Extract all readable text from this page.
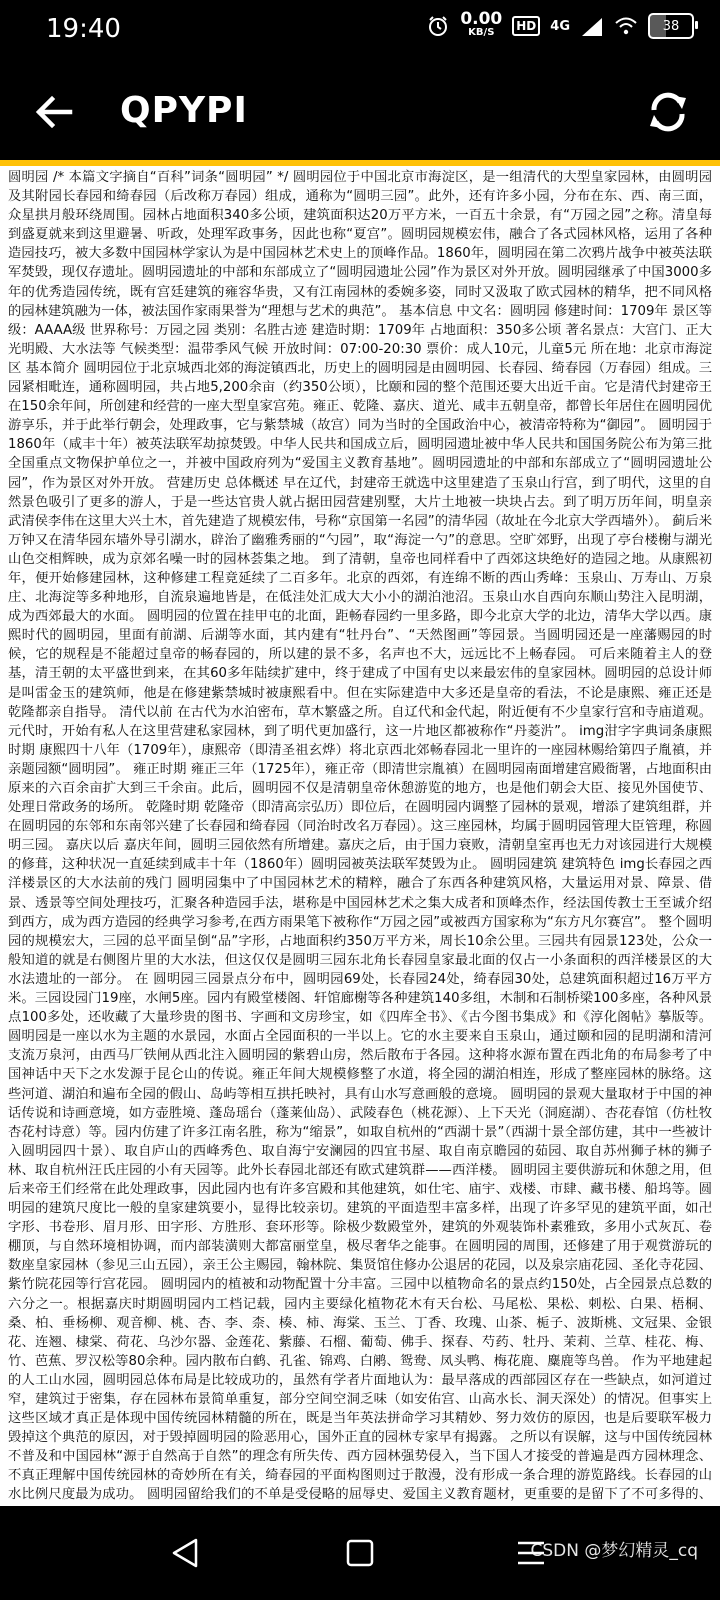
19:40	0.00
KB/S	HD	4G	38
QPYPI

圆明园 /* 本篇文字摘自“百科”词条“圆明园” */ 圆明园位于中国北京市海淀区，是一组清代的大型皇家园林，由圆明园及其附园长春园和绮春园（后改称万春园）组成，通称为“圆明三园”。此外，还有许多小园，分布在东、西、南三面，众星拱月般环绕周围。园林占地面积340多公顷，建筑面积达20万平方米，一百五十余景，有“万园之园”之称。清皇每到盛夏就来到这里避暑、听政，处理军政事务，因此也称“夏宫”。圆明园规模宏伟，融合了各式园林风格，运用了各种造园技巧，被大多数中国园林学家认为是中国园林艺术史上的顶峰作品。1860年，圆明园在第二次鸦片战争中被英法联军焚毁，现仅存遗址。圆明园遗址的中部和东部成立了“圆明园遗址公园”作为景区对外开放。圆明园继承了中国3000多年的优秀造园传统，既有宫廷建筑的雍容华贵，又有江南园林的委婉多姿，同时又汲取了欧式园林的精华，把不同风格的园林建筑融为一体，被法国作家雨果誉为“理想与艺术的典范”。 基本信息 中文名：圆明园 修建时间：1709年 景区等级：AAAA级 世界称号：万园之园 类别：名胜古迹 建造时期：1709年 占地面积：350多公顷 著名景点：大宫门、正大光明殿、大水法等 气候类型：温带季风气候 开放时间：07:00-20:30 票价：成人10元，儿童5元 所在地：北京市海淀区 基本简介 圆明园位于北京城西北郊的海淀镇西北，历史上的圆明园是由圆明园、长春园、绮春园（万春园）组成。三园紧相毗连，通称圆明园，共占地5,200余亩（约350公顷），比颐和园的整个范围还要大出近千亩。它是清代封建帝王在150余年间，所创建和经营的一座大型皇家宫苑。雍正、乾隆、嘉庆、道光、咸丰五朝皇帝，都曾长年居住在圆明园优游享乐，并于此举行朝会，处理政事，它与紫禁城（故宫）同为当时的全国政治中心，被清帝特称为“御园”。 圆明园于1860年（咸丰十年）被英法联军劫掠焚毁。中华人民共和国成立后，圆明园遗址被中华人民共和国国务院公布为第三批全国重点文物保护单位之一，并被中国政府列为“爱国主义教育基地”。圆明园遗址的中部和东部成立了“圆明园遗址公园”，作为景区对外开放。 营建历史 总体概述 早在辽代，封建帝王就选中这里建造了玉泉山行宫，到了明代，这里的自然景色吸引了更多的游人，于是一些达官贵人就占据田园营建别墅，大片土地被一块块占去。到了明万历年间，明皇亲武清侯李伟在这里大兴土木，首先建造了规模宏伟，号称“京国第一名园”的清华园（故址在今北京大学西墙外）。 蓟后米万钟又在清华园东墙外导引湖水，辟治了幽雅秀丽的“勺园”，取“海淀一勺”的意思。空旷郊野，出现了亭台楼榭与湖光山色交相辉映，成为京郊名噪一时的园林荟集之地。 到了清朝，皇帝也同样看中了西郊这块绝好的造园之地。从康熙初年，便开始修建园林，这种修建工程竟延续了二百多年。北京的西郊，有连绵不断的西山秀峰：玉泉山、万寿山、万泉庄、北海淀等多种地形，自流泉遍地皆是，在低洼处汇成大大小小的湖泊池沼。玉泉山水自西向东顺山势注入昆明湖，成为西郊最大的水面。 圆明园的位置在挂甲屯的北面，距畅春园约一里多路，即今北京大学的北边，清华大学以西。康熙时代的圆明园，里面有前湖、后湖等水面，其内建有“牡丹台”、“天然图画”等园景。当圆明园还是一座藩赐园的时候，它的规程是不能超过皇帝的畅春园的，所以建的景不多，名声也不大，远远比不上畅春园。 可后来随着主人的登基，清王朝的太平盛世到来，在其60多年陆续扩建中，终于建成了中国有史以来最宏伟的皇家园林。圆明园的总设计师是叫雷金玉的建筑师，他是在修建紫禁城时被康熙看中。但在实际建造中大多还是皇帝的看法，不论是康熙、雍正还是乾隆都亲自指导。 清代以前 在古代为水泊密布，草木繁盛之所。自辽代和金代起，附近便有不少皇家行宫和寺庙道观。元代时，开始有私人在这里营建私家园林，到了明代更加盛行，这一片地区都被称作“丹菱沜”。 img泔字字典词条康熙时期 康熙四十八年（1709年），康熙帝（即清圣祖玄烨）将北京西北郊畅春园北一里许的一座园林赐给第四子胤禛，并亲题园额“圆明园”。 雍正时期 雍正三年（1725年），雍正帝（即清世宗胤禛）在圆明园南面增建宫殿衙署，占地面积由原来的六百余亩扩大到三千余亩。此后，圆明园不仅是清朝皇帝休憩游览的地方，也是他们朝会大臣、接见外国使节、处理日常政务的场所。 乾隆时期 乾隆帝（即清高宗弘历）即位后，在圆明园内调整了园林的景观，增添了建筑组群，并在圆明园的东邻和东南邻兴建了长春园和绮春园（同治时改名万春园）。这三座园林，均属于圆明园管理大臣管理，称圆明三园。 嘉庆以后 嘉庆年间，圆明三园依然有所增建。嘉庆之后，由于国力衰败，清朝皇室再也无力对该园进行大规模的修葺，这种状况一直延续到咸丰十年（1860年）圆明园被英法联军焚毁为止。 圆明园建筑 建筑特色 img长春园之西洋楼景区的大水法前的残门 圆明园集中了中国园林艺术的精粹，融合了东西各种建筑风格，大量运用对景、障景、借景、透景等空间处理技巧，汇聚各种造园手法，堪称是中国园林艺术之集大成者和顶峰杰作，经法国传教士王至诚介绍到西方，成为西方造园的经典学习参考,在西方雨果笔下被称作“万园之园”或被西方国家称为“东方凡尔赛宫”。 整个圆明园的规模宏大，三园的总平面呈倒“品”字形，占地面积约350万平方米，周长10余公里。三园共有园景123处，公众一般知道的就是右侧图片里的大水法，但这仅仅是圆明三园东北角长春园皇家最北面的仅占一小条面积的西洋楼景区的大水法遗址的一部分。 在 圆明园三园景点分布中，圆明园69处，长春园24处，绮春园30处，总建筑面积超过16万平方米。三园设园门19座，水闸5座。园内有殿堂楼阁、轩馆廊榭等各种建筑140多组，木制和石制桥梁100多座，各种风景点100多处，还收藏了大量珍贵的图书、字画和文房珍宝，如《四库全书》、《古今图书集成》和《淳化阁帖》摹版等。 圆明园是一座以水为主题的水景园，水面占全园面积的一半以上。它的水主要来自玉泉山，通过颐和园的昆明湖和清河支流万泉河，由西马厂铁闸从西北注入圆明园的紫碧山房，然后散布于各园。这种将水源布置在西北角的布局参考了中国神话中天下之水发源于昆仑山的传说。雍正年间大规模修整了水道，将全园的湖泊相连，形成了整座园林的脉络。这些河道、湖泊和遍布全园的假山、岛屿等相互拱托映衬，具有山水写意画般的意境。 圆明园的景观大量取材于中国的神话传说和诗画意境，如方壶胜境、蓬岛瑶台（蓬莱仙岛）、武陵春色（桃花源）、上下天光（洞庭湖）、杏花春馆（仿杜牧杏花村诗意）等。园内仿建了许多江南名胜，称为“缩景”，如取自杭州的“西湖十景”（西湖十景全部仿建，其中一些被计入圆明园四十景）、取自庐山的西峰秀色、取自海宁安澜园的四宜书屋、取自南京瞻园的茹园、取自苏州狮子林的狮子林、取自杭州汪氏庄园的小有天园等。此外长春园北部还有欧式建筑群——西洋楼。 圆明园主要供游玩和休憩之用，但后来帝王们经常在此处理政事，因此园内也有许多宫殿和其他建筑，如仕宅、庙宇、戏楼、市肆、藏书楼、船坞等。圆明园的建筑尺度比一般的皇家建筑要小，显得比较亲切。建筑的平面造型丰富多样，出现了许多罕见的建筑平面，如卍字形、书卷形、眉月形、田字形、方胜形、套环形等。除极少数殿堂外，建筑的外观装饰朴素雅致，多用小式灰瓦、卷棚顶，与自然环境相协调，而内部装潢则大都富丽堂皇，极尽奢华之能事。在圆明园的周围，还修建了用于观赏游玩的数座皇家园林（参见三山五园），亲王公主赐园，翰林院、集贤馆住修办公退居的花园，以及泉宗庙花园、圣化寺花园、紫竹院花园等行宫花园。 圆明园内的植被和动物配置十分丰富。三园中以植物命名的景点约150处，占全园景点总数的六分之一。根据嘉庆时期圆明园内工档记载，园内主要绿化植物花木有天台松、马尾松、果松、刺松、白果、梧桐、桑、柏、垂杨柳、观音柳、桃、杏、李、柰、楱、柿、海棠、玉兰、丁香、玫瑰、山茶、栀子、波斯桃、文冠果、金银花、连翘、棣棠、荷花、乌沙尔器、金莲花、紫藤、石榴、葡萄、佛手、探春、芍药、牡丹、茉莉、兰草、桂花、梅、竹、芭蕉、罗汉松等80余种。园内散布白鹤、孔雀、锦鸡、白鹇、鸳鸯、凤头鸭、梅花鹿、麋鹿等鸟兽。 作为平地建起的人工山水园，圆明园总体布局是比较成功的，虽然有学者片面地认为：最早落成的西部园区存在一些缺点，如河道过窄，建筑过于密集，存在园林布景简单重复，部分空间空洞乏味（如安佑宫、山高水长、洞天深处）的情况。但事实上这些区域才真正是体现中国传统园林精髓的所在，既是当年英法拼命学习其精妙、努力效仿的原因，也是后要联军极力毁掉这个典范的原因，对于毁掉圆明园的险恶用心，国外正直的园林专家早有揭露。 之所以有误解，这与中国传统园林不普及和中国园林“源于自然高于自然”的理念有所失传、西方园林强势侵入，当下国人才接受的普遍是西方园林理念、不真正理解中国传统园林的奇妙所在有关，绮春园的平面构图则过于散漫，没有形成一条合理的游览路线。长春园的山水比例尺度最为成功。 圆明园留给我们的不单是受侵略的屈辱史、爱国主义教育题材，更重要的是留下了不可多得的、

CSDN @梦幻精灵_cq
